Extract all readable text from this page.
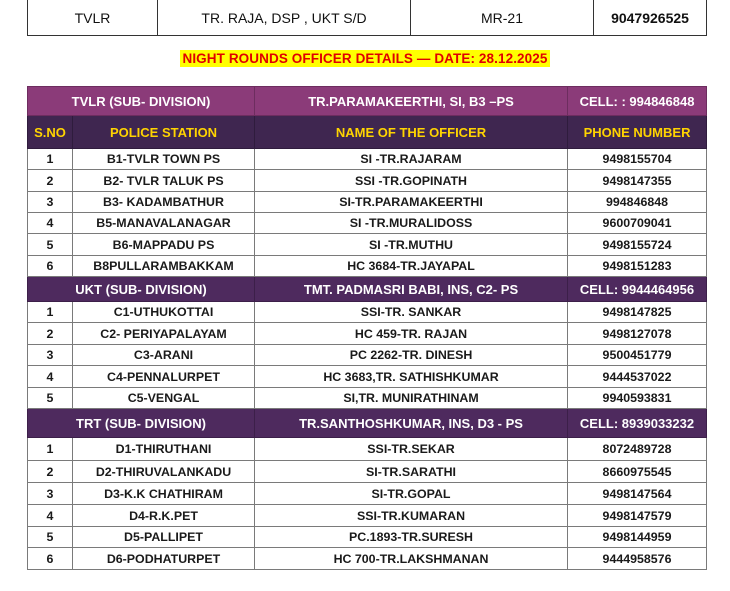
TVLR	TR. RAJA, DSP , UKT S/D	MR-21	9047926525
NIGHT ROUNDS OFFICER DETAILS — DATE: 28.12.2025
TVLR (SUB- DIVISION)		TR.PARAMAKEERTHI, SI, B3 –PS	CELL: : 994846848
S.NO	POLICE STATION	NAME OF THE OFFICER	PHONE NUMBER
1	B1-TVLR TOWN PS	SI -TR.RAJARAM	9498155704
2	B2- TVLR TALUK PS	SSI -TR.GOPINATH	9498147355
3	B3- KADAMBATHUR	SI-TR.PARAMAKEERTHI	994846848
4	B5-MANAVALANAGAR	SI -TR.MURALIDOSS	9600709041
5	B6-MAPPADU PS	SI -TR.MUTHU	9498155724
6	B8PULLARAMBAKKAM	HC 3684-TR.JAYAPAL	9498151283
UKT (SUB- DIVISION)		TMT. PADMASRI BABI, INS, C2- PS	CELL: 9944464956
1	C1-UTHUKOTTAI	SSI-TR. SANKAR	9498147825
2	C2- PERIYAPALAYAM	HC 459-TR. RAJAN	9498127078
3	C3-ARANI	PC 2262-TR. DINESH	9500451779
4	C4-PENNALURPET	HC 3683,TR. SATHISHKUMAR	9444537022
5	C5-VENGAL	SI,TR. MUNIRATHINAM	9940593831
TRT (SUB- DIVISION)		TR.SANTHOSHKUMAR, INS, D3 - PS	CELL: 8939033232
1	D1-THIRUTHANI	SSI-TR.SEKAR	8072489728
2	D2-THIRUVALANKADU	SI-TR.SARATHI	8660975545
3	D3-K.K CHATHIRAM	SI-TR.GOPAL	9498147564
4	D4-R.K.PET	SSI-TR.KUMARAN	9498147579
5	D5-PALLIPET	PC.1893-TR.SURESH	9498144959
6	D6-PODHATURPET	HC 700-TR.LAKSHMANAN	9444958576
